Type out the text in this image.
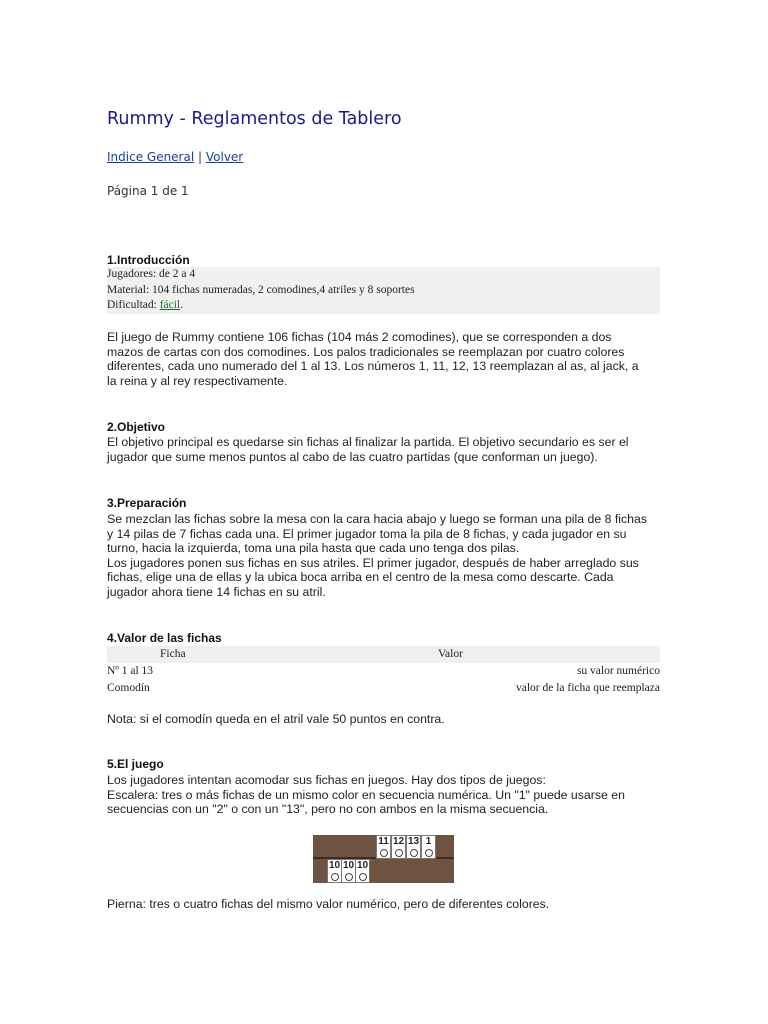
Rummy - Reglamentos de Tablero
Indice General | Volver
Página 1 de 1
1.Introducción
Jugadores: de 2 a 4
Material: 104 fichas numeradas, 2 comodines,4 atriles y 8 soportes
Dificultad: fácil.
El juego de Rummy contiene 106 fichas (104 más 2 comodines), que se corresponden a dos
mazos de cartas con dos comodines. Los palos tradicionales se reemplazan por cuatro colores
diferentes, cada uno numerado del 1 al 13. Los números 1, 11, 12, 13 reemplazan al as, al jack, a
la reina y al rey respectivamente.
2.Objetivo
El objetivo principal es quedarse sin fichas al finalizar la partida. El objetivo secundario es ser el
jugador que sume menos puntos al cabo de las cuatro partidas (que conforman un juego).
3.Preparación
Se mezclan las fichas sobre la mesa con la cara hacia abajo y luego se forman una pila de 8 fichas
y 14 pilas de 7 fichas cada una. El primer jugador toma la pila de 8 fichas, y cada jugador en su
turno, hacia la izquierda, toma una pila hasta que cada uno tenga dos pilas.
Los jugadores ponen sus fichas en sus atriles. El primer jugador, después de haber arreglado sus
fichas, elige una de ellas y la ubica boca arriba en el centro de la mesa como descarte. Cada
jugador ahora tiene 14 fichas en su atril.
4.Valor de las fichas
Ficha	Valor
Nº 1 al 13	su valor numérico
Comodín	valor de la ficha que reemplaza
Nota: si el comodín queda en el atril vale 50 puntos en contra.
5.El juego
Los jugadores intentan acomodar sus fichas en juegos. Hay dos tipos de juegos:
Escalera: tres o más fichas de un mismo color en secuencia numérica. Un "1" puede usarse en
secuencias con un "2" o con un "13", pero no con ambos en la misma secuencia.
11 12 13 1
10 10 10
Pierna: tres o cuatro fichas del mismo valor numérico, pero de diferentes colores.
